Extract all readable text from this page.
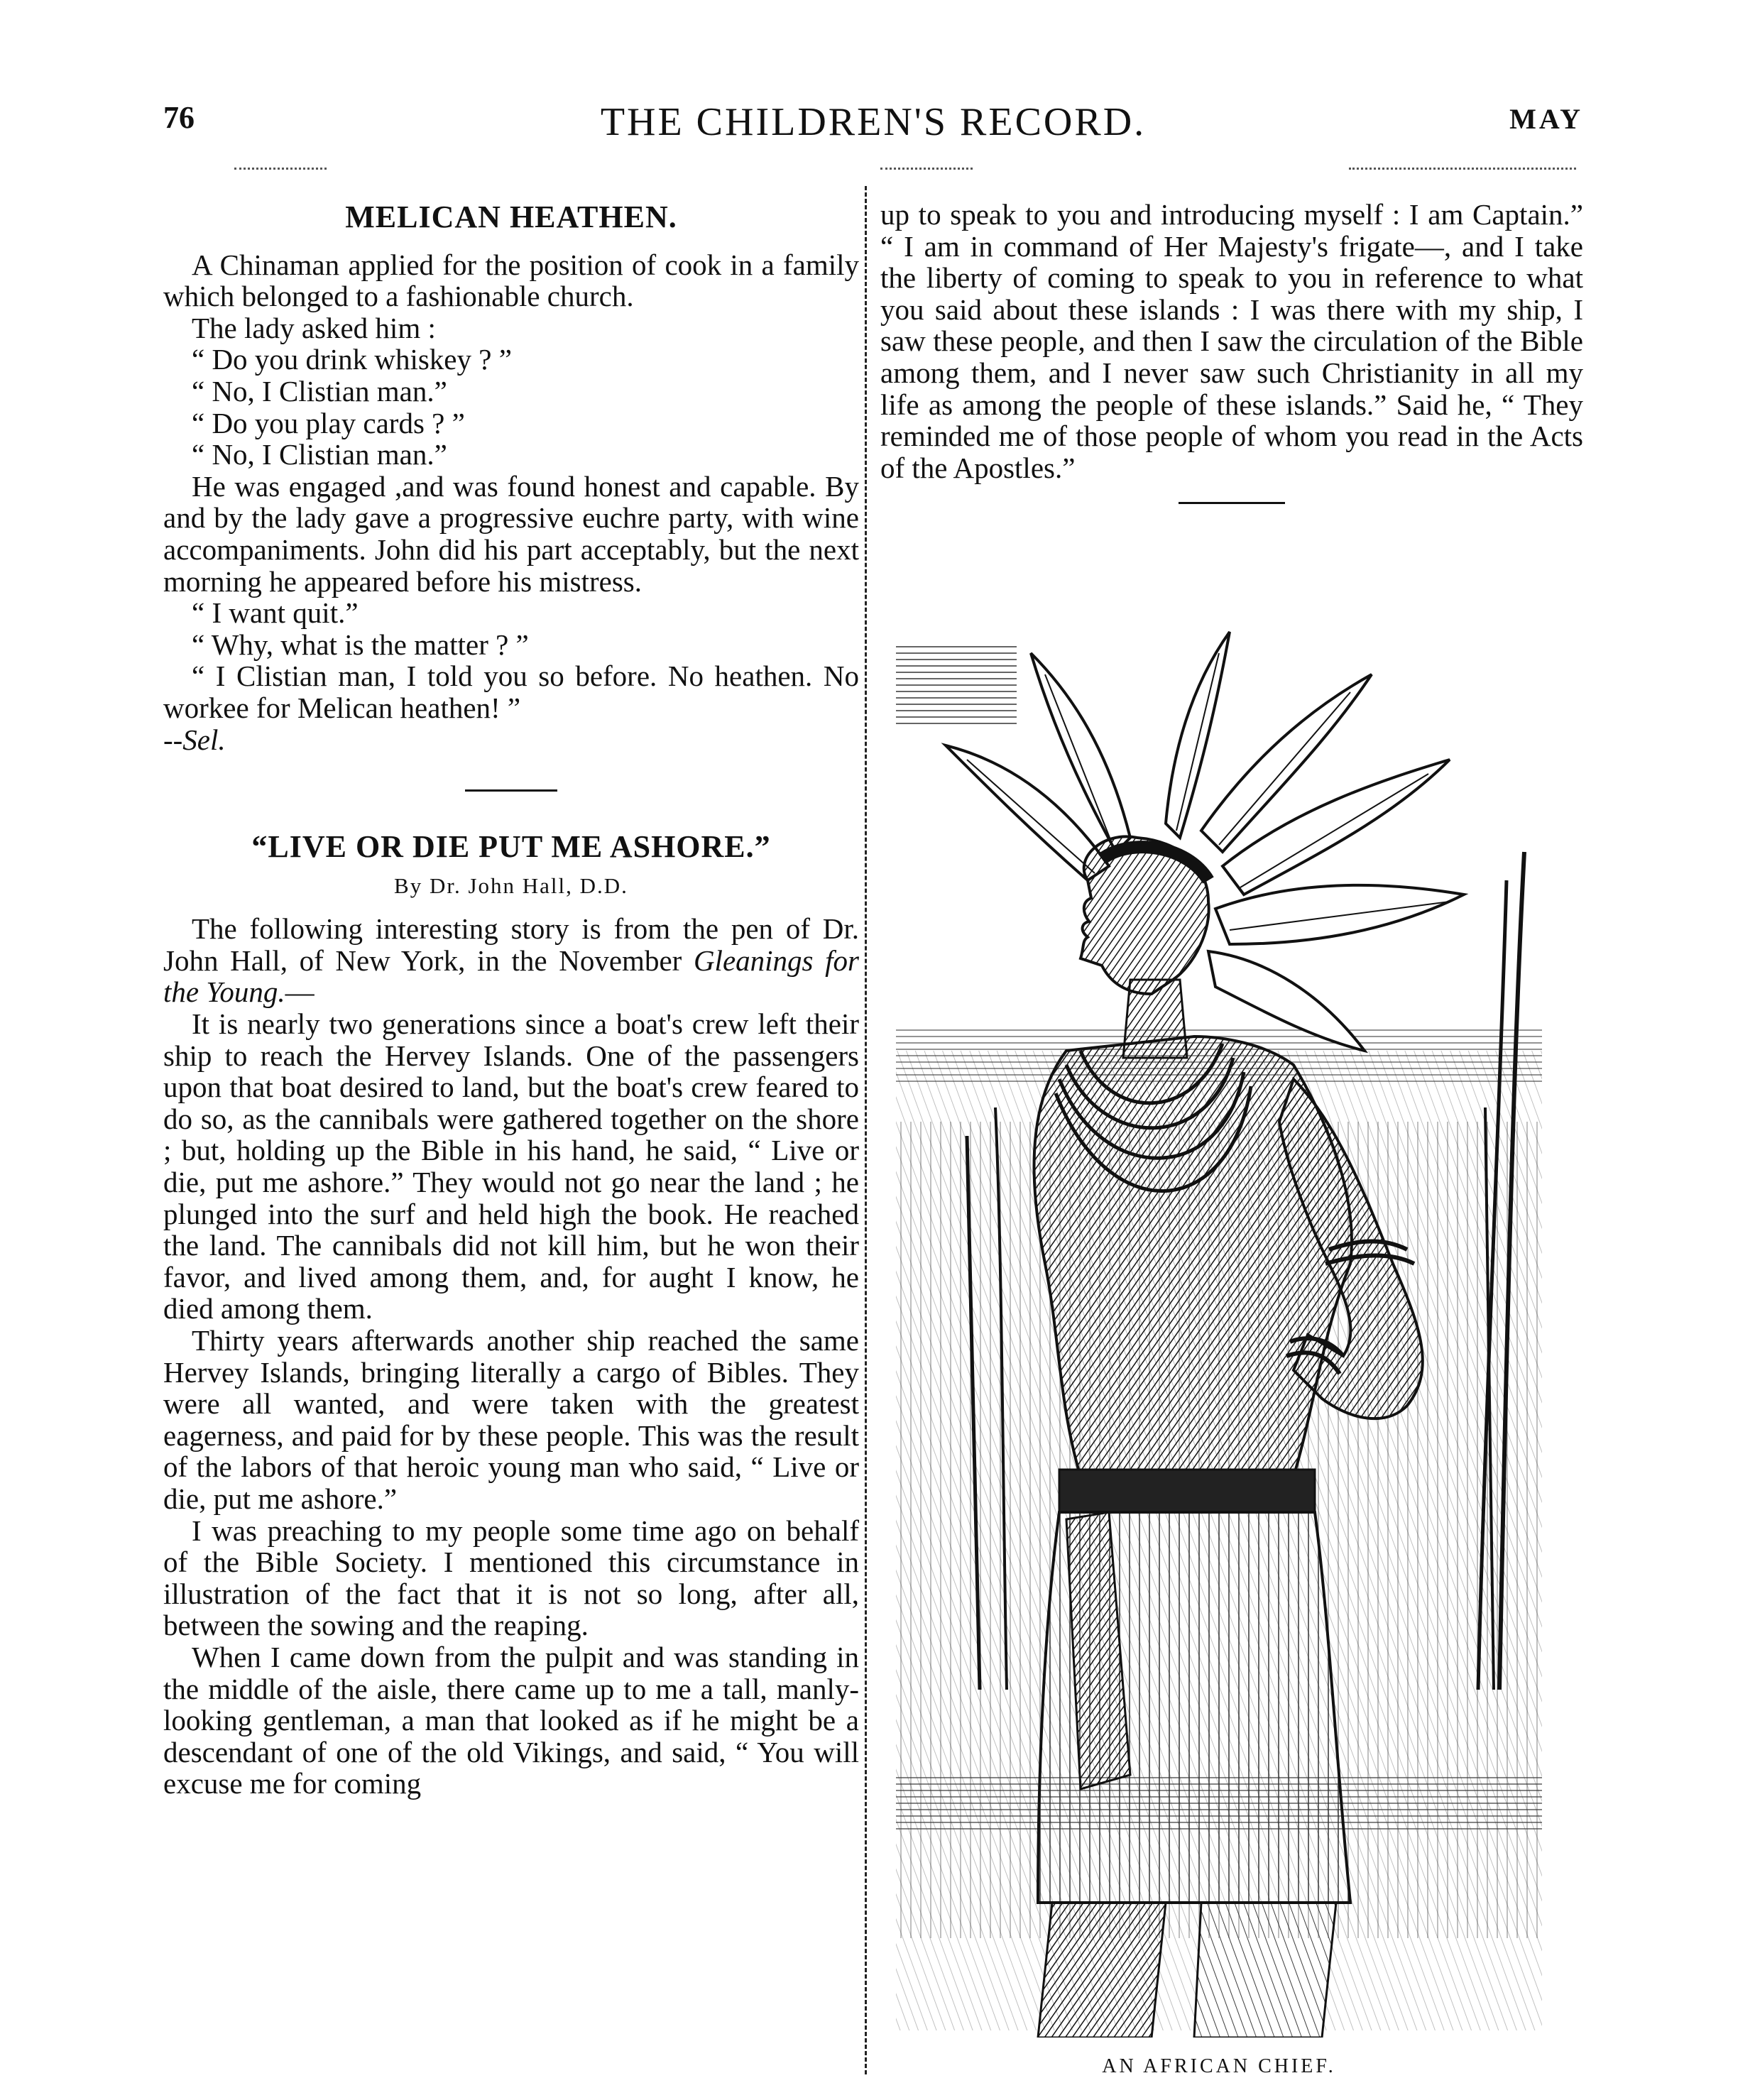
76	THE CHILDREN'S RECORD.	MAY
MELICAN HEATHEN.

A Chinaman applied for the position of cook in a family which belonged to a fashionable church.

The lady asked him :

“ Do you drink whiskey ? ”

“ No, I Clistian man.”

“ Do you play cards ? ”

“ No, I Clistian man.”

He was engaged ,and was found honest and capable. By and by the lady gave a progressive euchre party, with wine accompaniments. John did his part acceptably, but the next morning he appeared before his mistress.

“ I want quit.”

“ Why, what is the matter ? ”

“ I Clistian man, I told you so before. No heathen. No workee for Melican heathen! ”

--Sel.

“LIVE OR DIE PUT ME ASHORE.”
By Dr. John Hall, D.D.

The following interesting story is from the pen of Dr. John Hall, of New York, in the November Gleanings for the Young.—

It is nearly two generations since a boat's crew left their ship to reach the Hervey Islands. One of the passengers upon that boat desired to land, but the boat's crew feared to do so, as the cannibals were gathered together on the shore ; but, holding up the Bible in his hand, he said, “ Live or die, put me ashore.” They would not go near the land ; he plunged into the surf and held high the book. He reached the land. The cannibals did not kill him, but he won their favor, and lived among them, and, for aught I know, he died among them.

Thirty years afterwards another ship reached the same Hervey Islands, bringing literally a cargo of Bibles. They were all wanted, and were taken with the greatest eagerness, and paid for by these people. This was the result of the labors of that heroic young man who said, “ Live or die, put me ashore.”

I was preaching to my people some time ago on behalf of the Bible Society. I mentioned this circumstance in illustration of the fact that it is not so long, after all, between the sowing and the reaping.

When I came down from the pulpit and was standing in the middle of the aisle, there came up to me a tall, manly-looking gentleman, a man that looked as if he might be a descendant of one of the old Vikings, and said, “ You will excuse me for coming

up to speak to you and introducing myself : I am Captain.” “ I am in command of Her Majesty's frigate—, and I take the liberty of coming to speak to you in reference to what you said about these islands : I was there with my ship, I saw these people, and then I saw the circulation of the Bible among them, and I never saw such Christianity in all my life as among the people of these islands.” Said he, “ They reminded me of those people of whom you read in the Acts of the Apostles.”

AN AFRICAN CHIEF.
